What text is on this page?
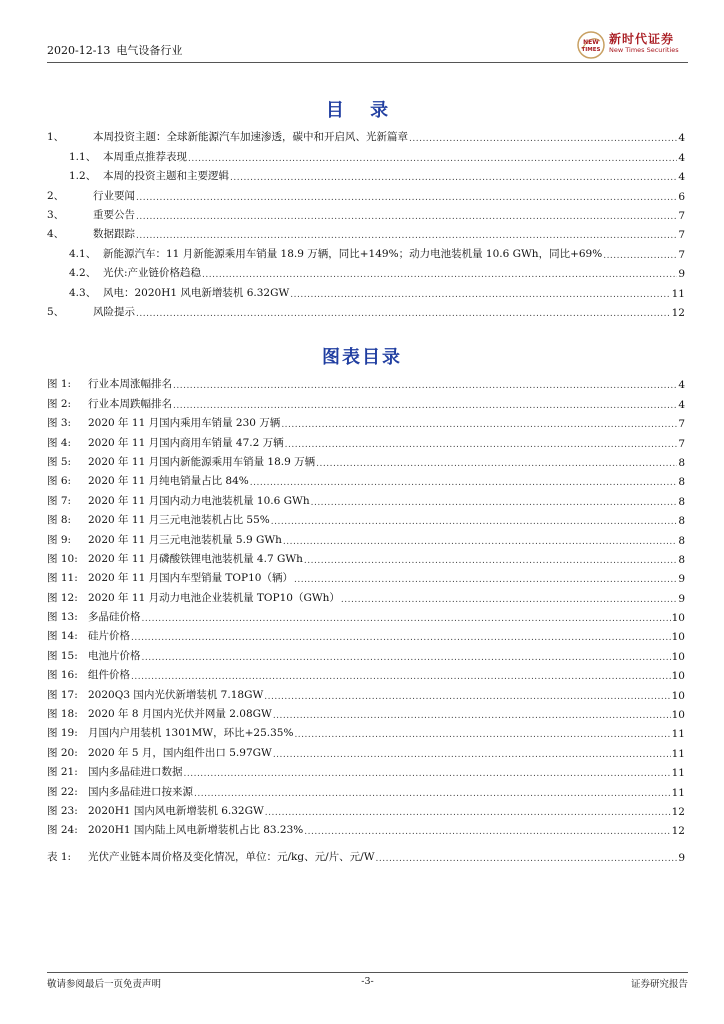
2020-12-13 电气设备行业
NEW
TIMES
新时代证券
New Times Securities
目 录
1、	本周投资主题：全球新能源汽车加速渗透，碳中和开启风、光新篇章 .....	4
1.1、 本周重点推荐表现 .....	4
1.2、 本周的投资主题和主要逻辑 .....	4
2、	行业要闻 .....	6
3、	重要公告 .....	7
4、	数据跟踪 .....	7
4.1、 新能源汽车：11 月新能源乘用车销量 18.9 万辆，同比+149%；动力电池装机量 10.6 GWh，同比+69% .....	7
4.2、 光伏:产业链价格趋稳 .....	9
4.3、 风电：2020H1 风电新增装机 6.32GW .....	11
5、	风险提示 .....	12
图表目录
图 1:	行业本周涨幅排名 .....	4
图 2:	行业本周跌幅排名 .....	4
图 3:	2020 年 11 月国内乘用车销量 230 万辆 .....	7
图 4:	2020 年 11 月国内商用车销量 47.2 万辆 .....	7
图 5:	2020 年 11 月国内新能源乘用车销量 18.9 万辆 .....	8
图 6:	2020 年 11 月纯电销量占比 84% .....	8
图 7:	2020 年 11 月国内动力电池装机量 10.6 GWh .....	8
图 8:	2020 年 11 月三元电池装机占比 55% .....	8
图 9:	2020 年 11 月三元电池装机量 5.9 GWh .....	8
图 10: 2020 年 11 月磷酸铁锂电池装机量 4.7 GWh .....	8
图 11: 2020 年 11 月国内车型销量 TOP10（辆） .....	9
图 12: 2020 年 11 月动力电池企业装机量 TOP10（GWh） .....	9
图 13: 多晶硅价格 .....	10
图 14: 硅片价格 .....	10
图 15: 电池片价格 .....	10
图 16: 组件价格 .....	10
图 17: 2020Q3 国内光伏新增装机 7.18GW .....	10
图 18: 2020 年 8 月国内光伏并网量 2.08GW .....	10
图 19: 月国内户用装机 1301MW，环比+25.35% .....	11
图 20: 2020 年 5 月，国内组件出口 5.97GW .....	11
图 21: 国内多晶硅进口数据 .....	11
图 22: 国内多晶硅进口按来源 .....	11
图 23: 2020H1 国内风电新增装机 6.32GW .....	12
图 24: 2020H1 国内陆上风电新增装机占比 83.23% .....	12
表 1:	光伏产业链本周价格及变化情况，单位：元/kg、元/片、元/W .....	9
敬请参阅最后一页免责声明	-3-	证券研究报告
